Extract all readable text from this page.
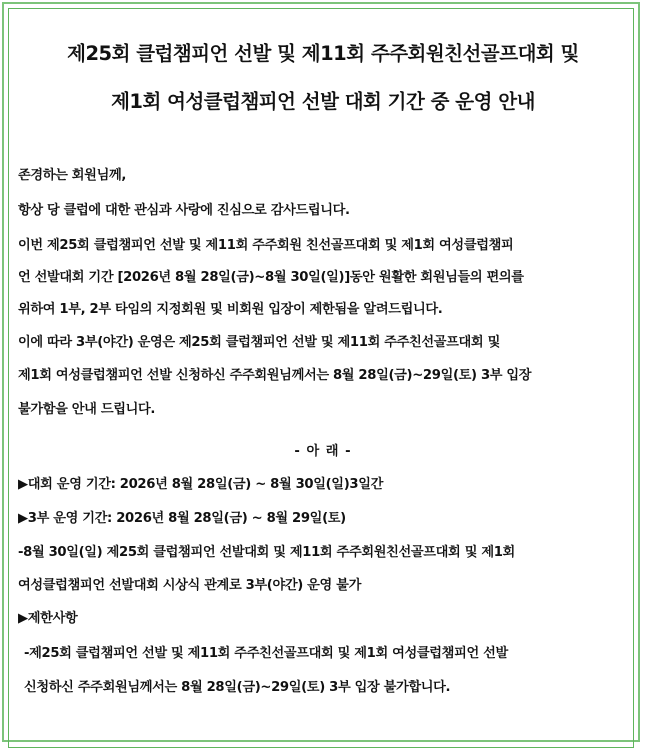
제25회 클럽챔피언 선발 및 제11회 주주회원친선골프대회 및
제1회 여성클럽챔피언 선발 대회 기간 중 운영 안내
존경하는 회원님께,
항상 당 클럽에 대한 관심과 사랑에 진심으로 감사드립니다.
이번 제25회 클럽챔피언 선발 및 제11회 주주회원 친선골프대회 및 제1회 여성클럽챔피
언 선발대회 기간 [2026년 8월 28일(금)~8월 30일(일)]동안 원활한 회원님들의 편의를
위하여 1부, 2부 타임의 지정회원 및 비회원 입장이 제한됨을 알려드립니다.
이에 따라 3부(야간) 운영은 제25회 클럽챔피언 선발 및 제11회 주주친선골프대회 및
제1회 여성클럽챔피언 선발 신청하신 주주회원님께서는 8월 28일(금)~29일(토) 3부 입장
불가함을 안내 드립니다.
- 아 래 -
▶대회 운영 기간: 2026년 8월 28일(금) ~ 8월 30일(일)3일간
▶3부 운영 기간: 2026년 8월 28일(금) ~ 8월 29일(토)
-8월 30일(일) 제25회 클럽챔피언 선발대회 및 제11회 주주회원친선골프대회 및 제1회
여성클럽챔피언 선발대회 시상식 관계로 3부(야간) 운영 불가
▶제한사항
-제25회 클럽챔피언 선발 및 제11회 주주친선골프대회 및 제1회 여성클럽챔피언 선발
신청하신 주주회원님께서는 8월 28일(금)~29일(토) 3부 입장 불가합니다.
